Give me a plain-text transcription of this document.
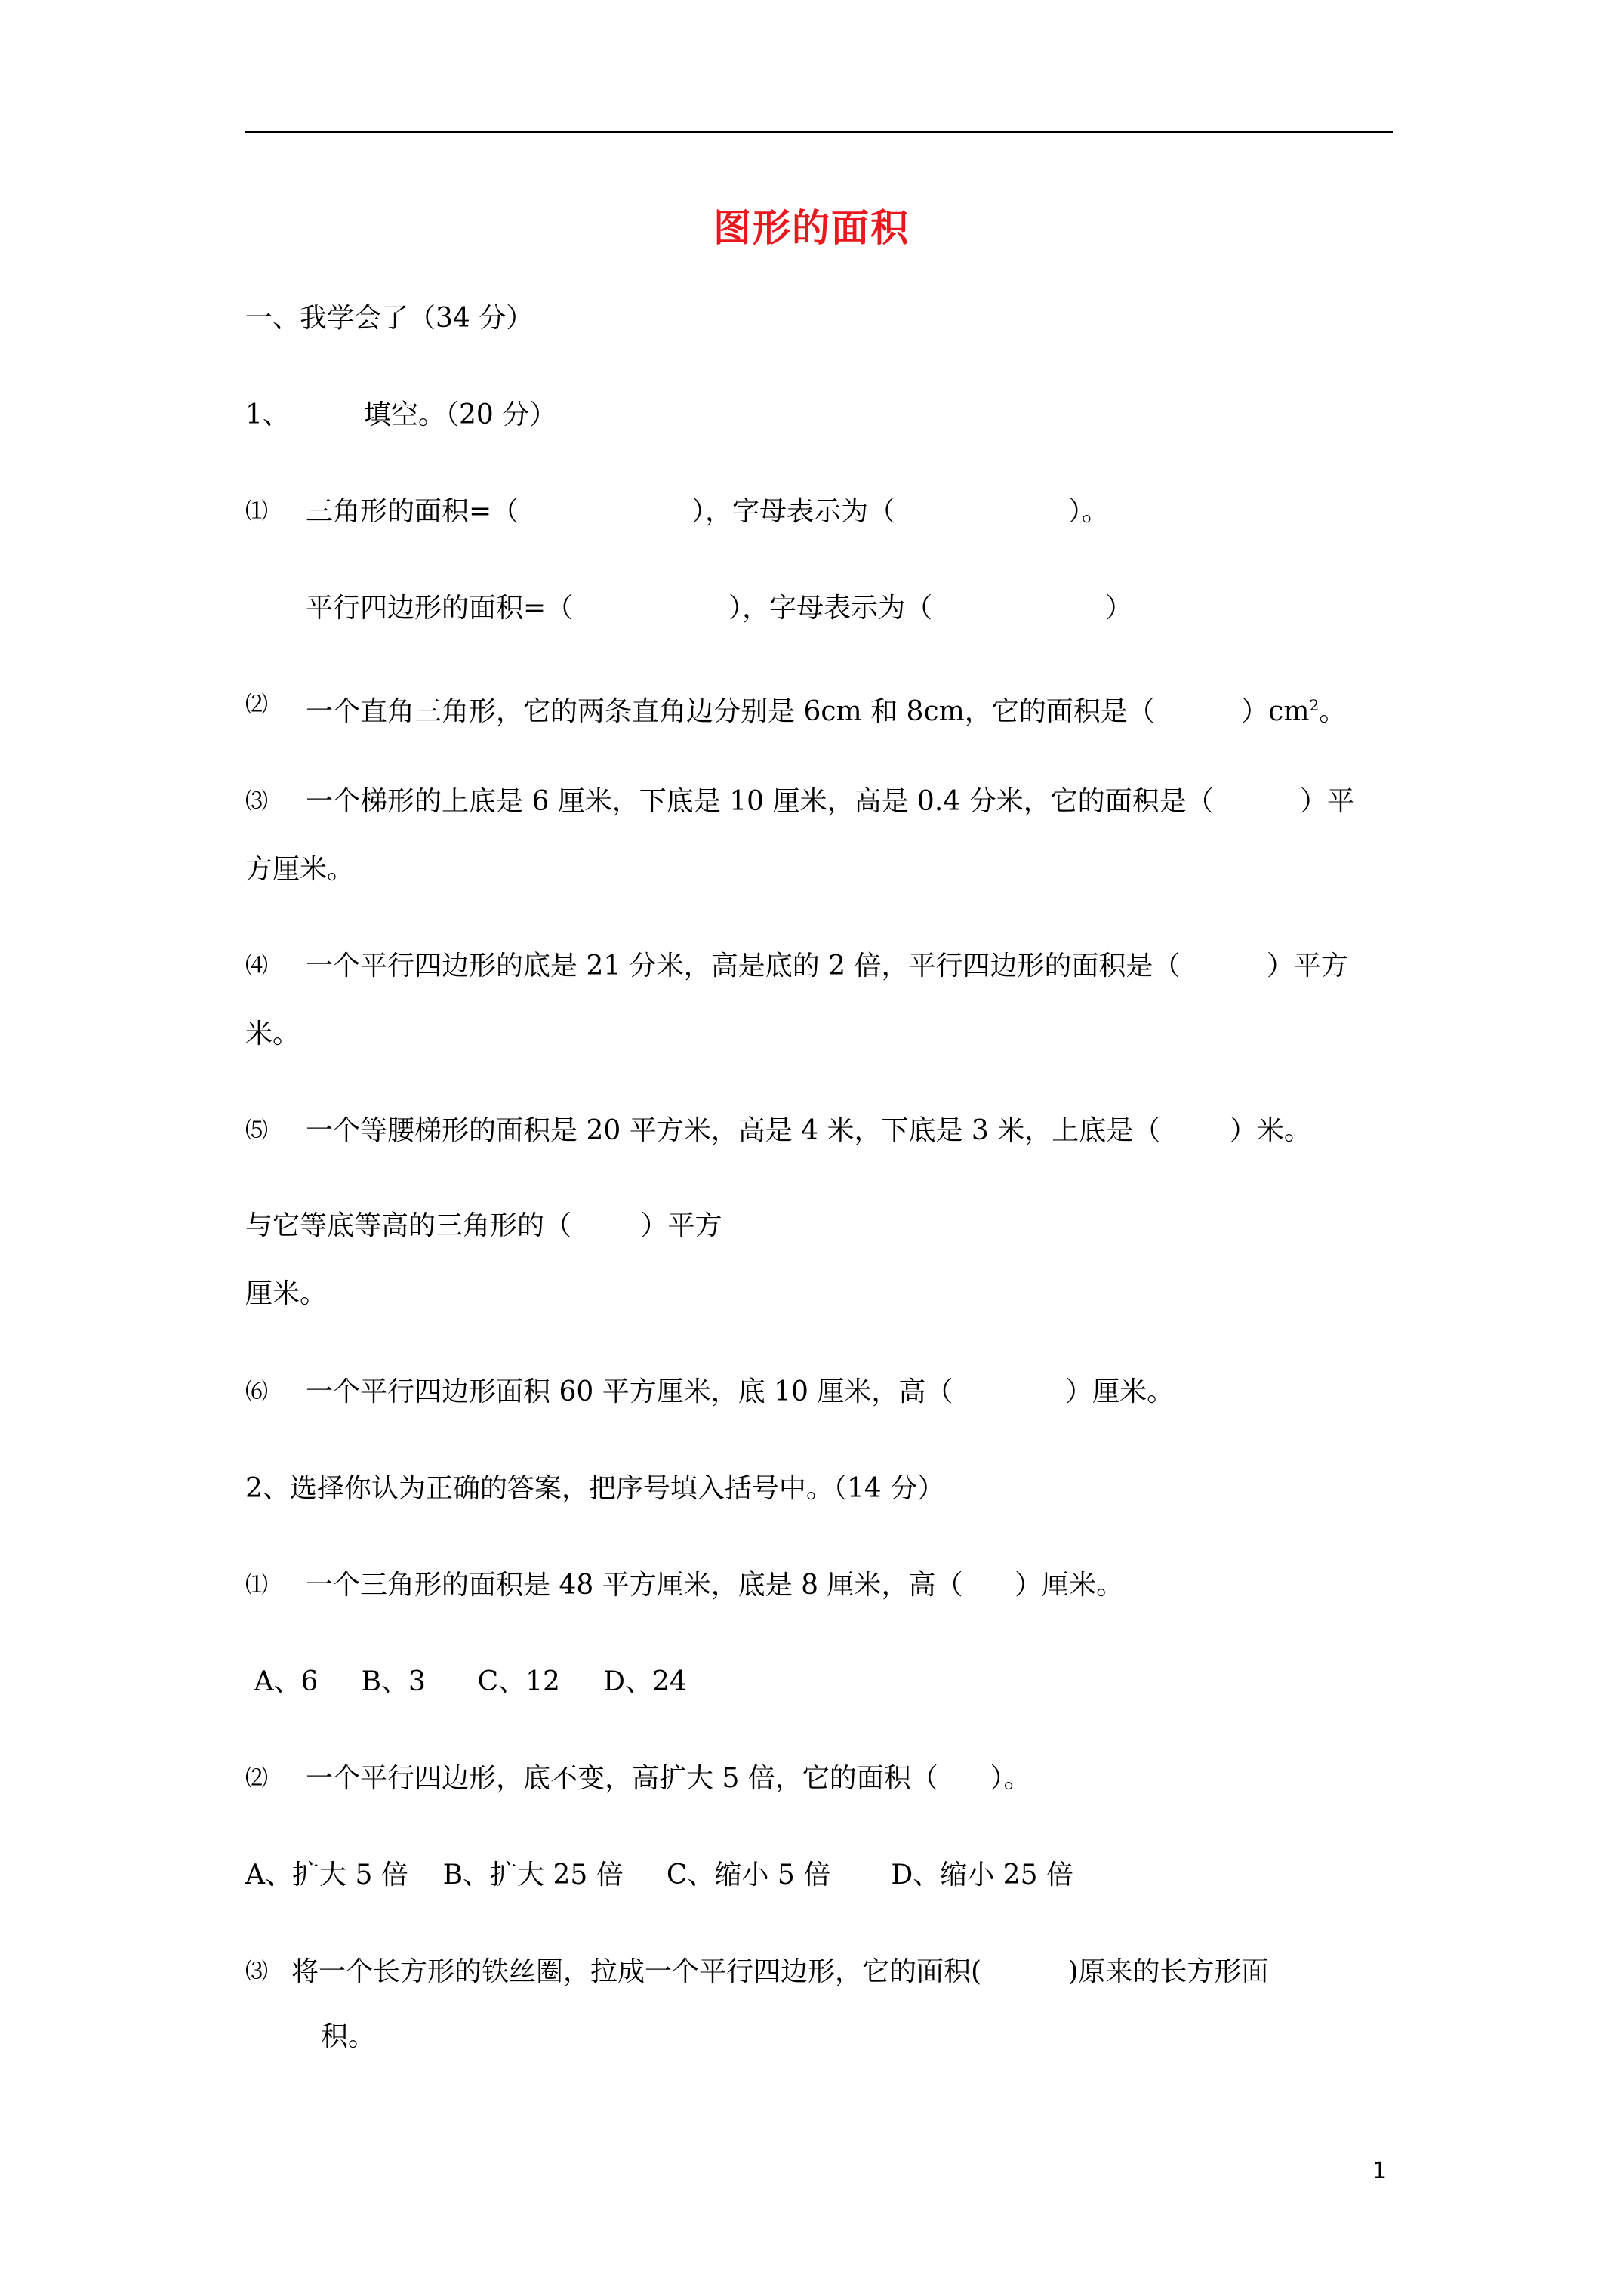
图形的面积
一、我学会了（34 分）
1、	填空。（20 分）
⑴ 三角形的面积=（                    ），字母表示为（                    ）。
平行四边形的面积=（                  ），字母表示为（                    ）
⑵ 一个直角三角形，它的两条直角边分别是 6cm 和 8cm，它的面积是（          ）$cm^2$。
⑶ 一个梯形的上底是 6 厘米，下底是 10 厘米，高是 0.4 分米，它的面积是（          ）平
方厘米。
⑷ 一个平行四边形的底是 21 分米，高是底的 2 倍，平行四边形的面积是（          ）平方
米。
⑸ 一个等腰梯形的面积是 20 平方米，高是 4 米，下底是 3 米，上底是（        ）米。
与它等底等高的三角形的（        ）平方
厘米。
⑹ 一个平行四边形面积 60 平方厘米，底 10 厘米，高（             ）厘米。
2、选择你认为正确的答案，把序号填入括号中。（14 分）
⑴ 一个三角形的面积是 48 平方厘米，底是 8 厘米，高（      ）厘米。
A、6     B、3      C、12     D、24
⑵ 一个平行四边形，底不变，高扩大 5 倍，它的面积（      ）。
A、扩大 5 倍    B、扩大 25 倍     C、缩小 5 倍       D、缩小 25 倍
⑶ 将一个长方形的铁丝圈，拉成一个平行四边形，它的面积(          )原来的长方形面
积。
1
